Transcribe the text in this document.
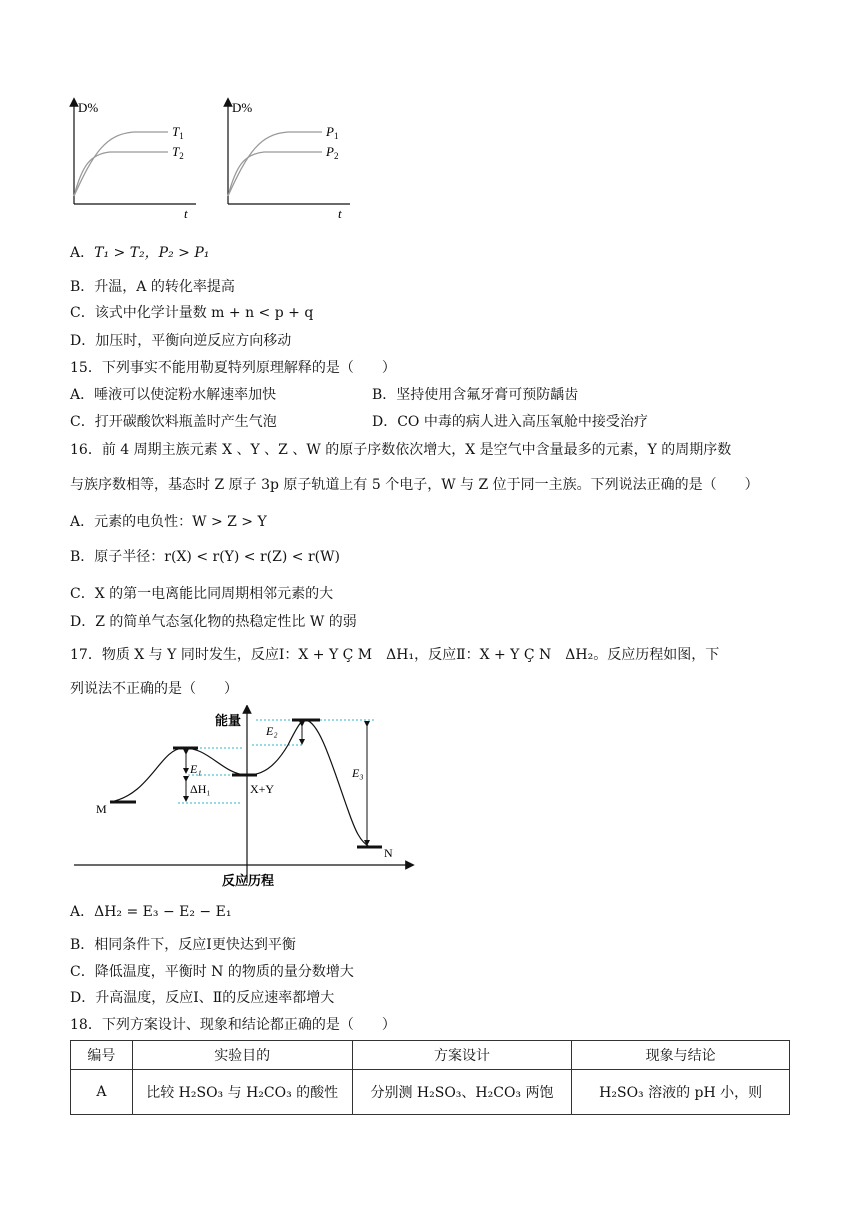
D%
t
$T_1$
$T_2$
D%
t
$P_1$
$P_2$
A．T₁ > T₂，P₂ > P₁
B．升温，A 的转化率提高
C．该式中化学计量数 m + n < p + q
D．加压时，平衡向逆反应方向移动
15．下列事实不能用勒夏特列原理解释的是（　　）
A．唾液可以使淀粉水解速率加快	B．坚持使用含氟牙膏可预防龋齿
C．打开碳酸饮料瓶盖时产生气泡	D．CO 中毒的病人进入高压氧舱中接受治疗
16．前 4 周期主族元素 X 、Y 、Z 、W 的原子序数依次增大，X 是空气中含量最多的元素，Y 的周期序数
与族序数相等，基态时 Z 原子 3p 原子轨道上有 5 个电子，W 与 Z 位于同一主族。下列说法正确的是（　　）
A．元素的电负性：W > Z > Y
B．原子半径：r(X) < r(Y) < r(Z) < r(W)
C．X 的第一电离能比同周期相邻元素的大
D．Z 的简单气态氢化物的热稳定性比 W 的弱
17．物质 X 与 Y 同时发生，反应Ⅰ：X + Y Ç M　ΔH₁，反应Ⅱ：X + Y Ç N　ΔH₂。反应历程如图，下
列说法不正确的是（　　）
能量
反应历程
M
N
X+Y
E₁
ΔH₁
E₂
E₃
A．ΔH₂ = E₃ − E₂ − E₁
B．相同条件下，反应Ⅰ更快达到平衡
C．降低温度，平衡时 N 的物质的量分数增大
D．升高温度，反应Ⅰ、Ⅱ的反应速率都增大
18．下列方案设计、现象和结论都正确的是（　　）
编号	实验目的	方案设计	现象与结论
A	比较 H₂SO₃ 与 H₂CO₃ 的酸性	分别测 H₂SO₃、H₂CO₃ 两饱	H₂SO₃ 溶液的 pH 小，则
